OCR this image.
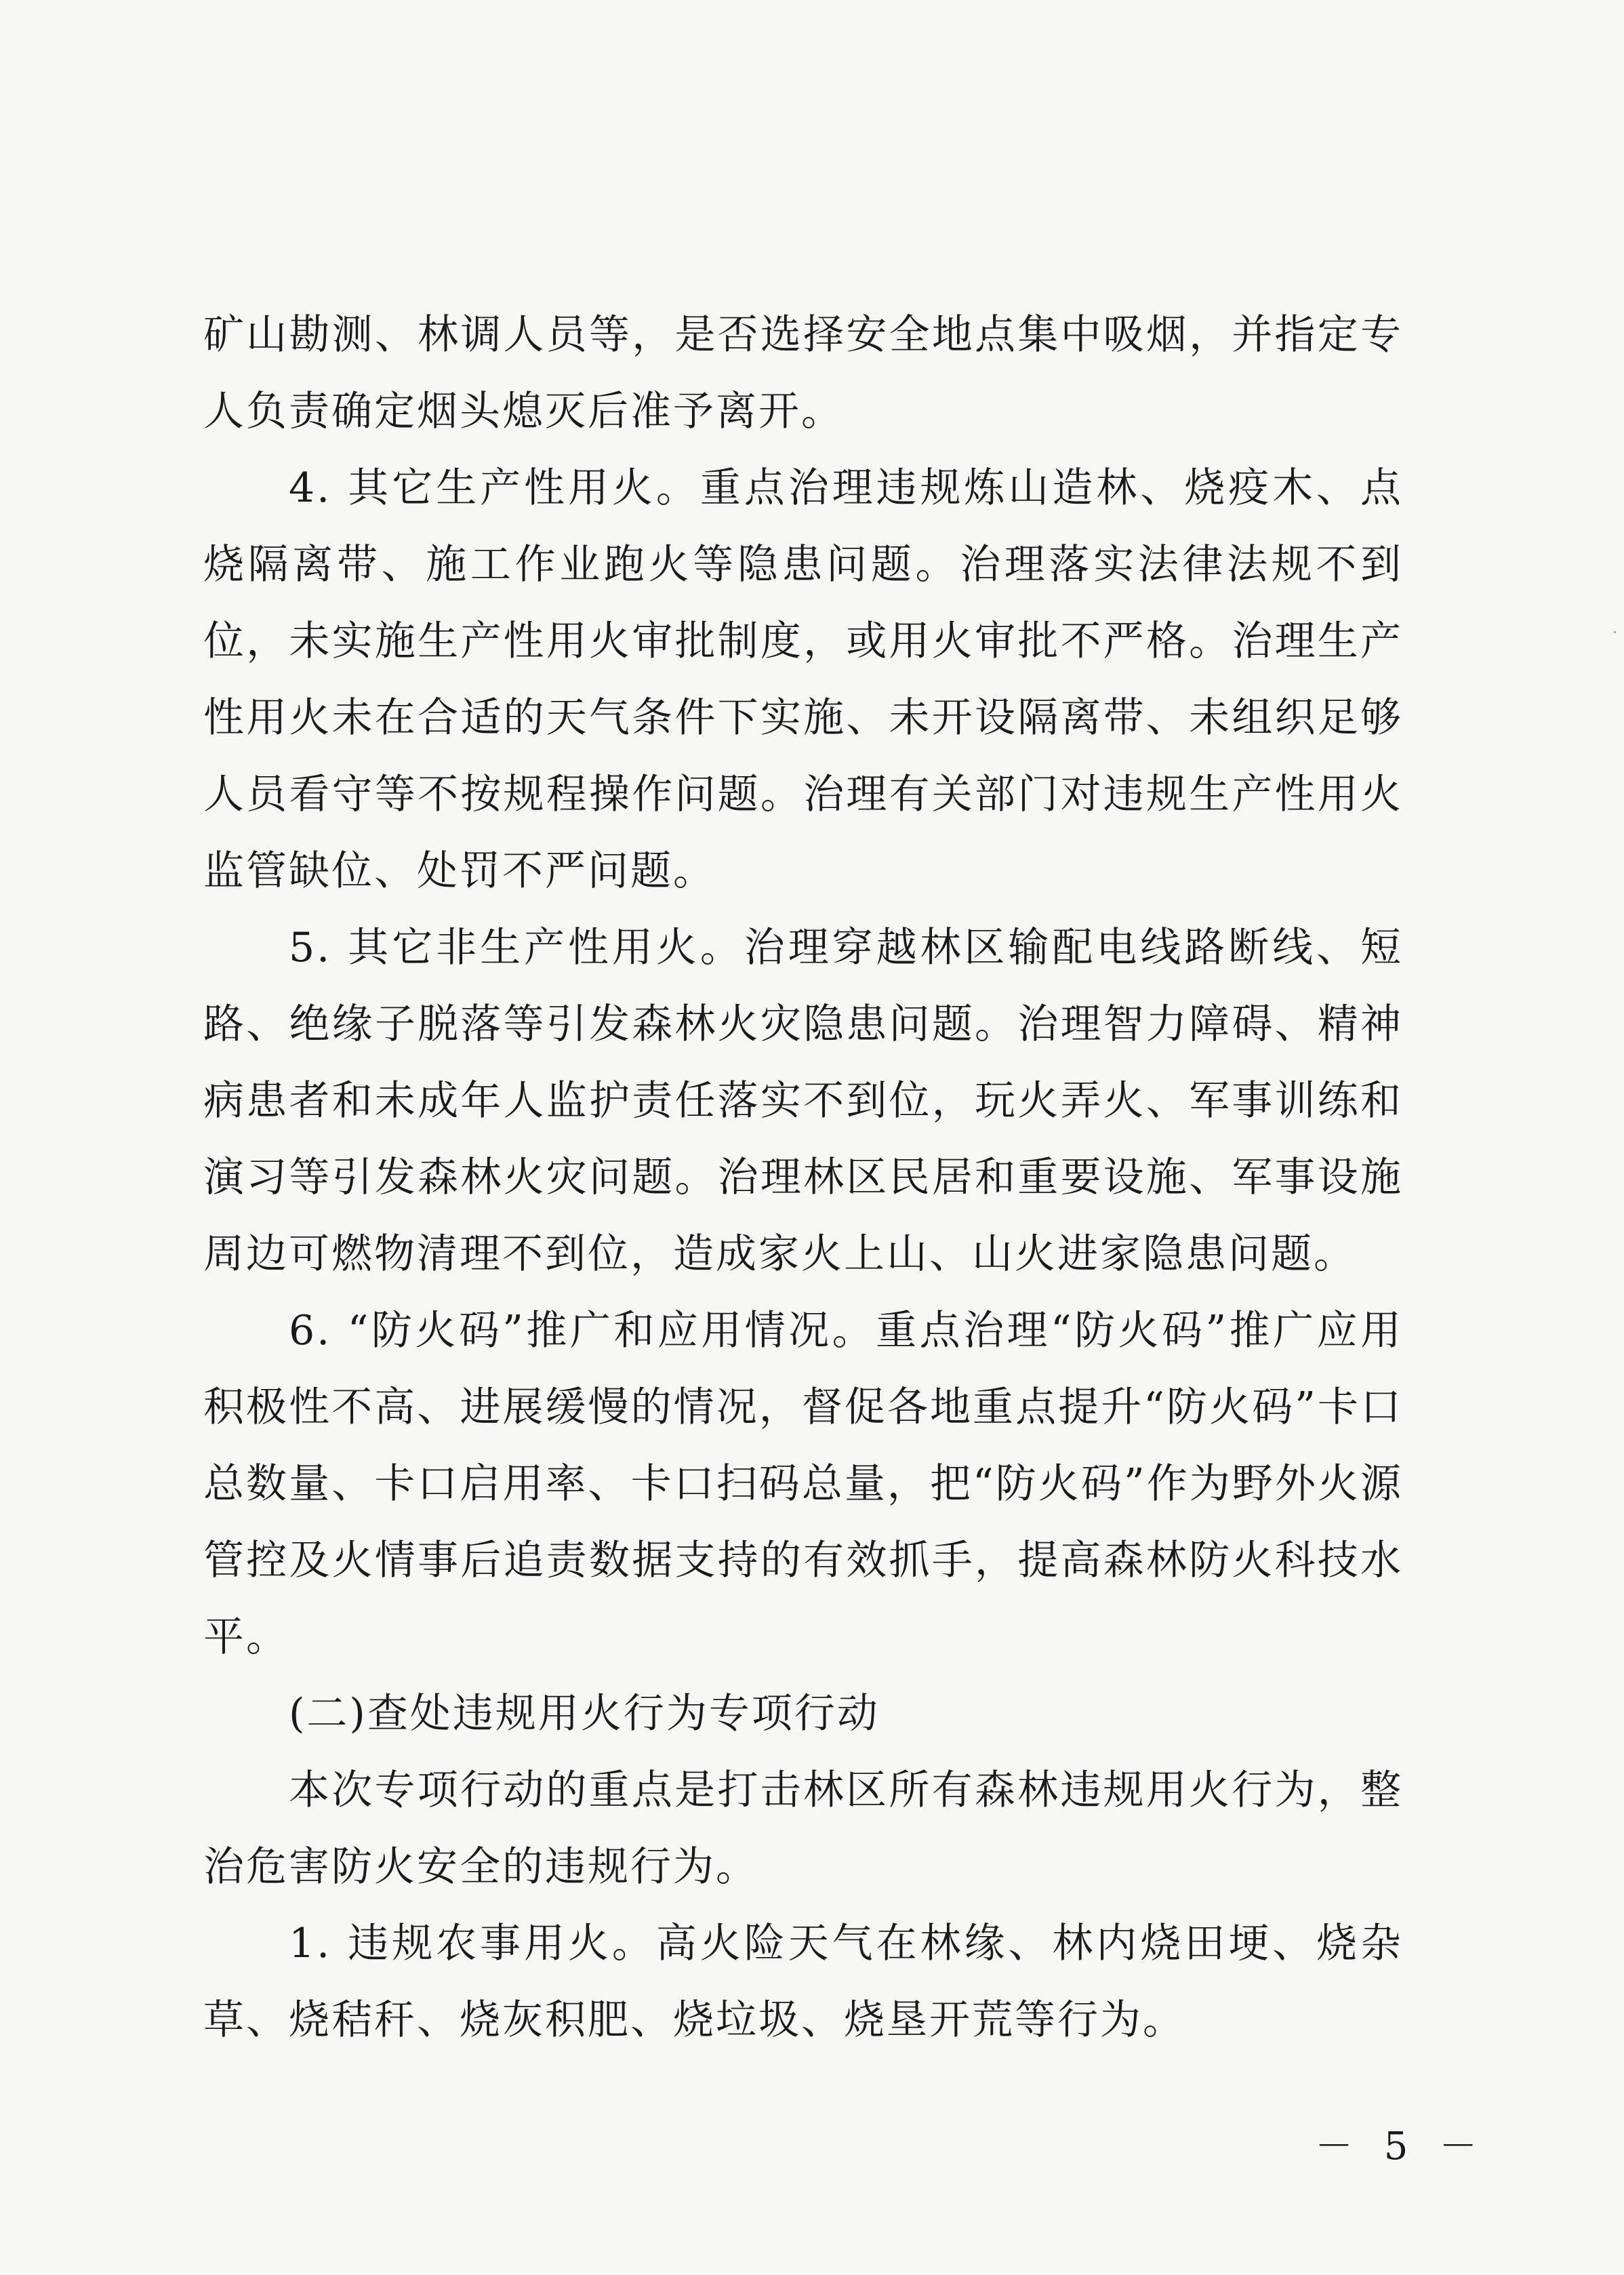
矿山勘测、林调人员等，是否选择安全地点集中吸烟，并指定专人负责确定烟头熄灭后准予离开。

4. 其它生产性用火。重点治理违规炼山造林、烧疫木、点烧隔离带、施工作业跑火等隐患问题。治理落实法律法规不到位，未实施生产性用火审批制度，或用火审批不严格。治理生产性用火未在合适的天气条件下实施、未开设隔离带、未组织足够人员看守等不按规程操作问题。治理有关部门对违规生产性用火监管缺位、处罚不严问题。

5. 其它非生产性用火。治理穿越林区输配电线路断线、短路、绝缘子脱落等引发森林火灾隐患问题。治理智力障碍、精神病患者和未成年人监护责任落实不到位，玩火弄火、军事训练和演习等引发森林火灾问题。治理林区民居和重要设施、军事设施周边可燃物清理不到位，造成家火上山、山火进家隐患问题。

6. “防火码”推广和应用情况。重点治理“防火码”推广应用积极性不高、进展缓慢的情况，督促各地重点提升“防火码”卡口总数量、卡口启用率、卡口扫码总量，把“防火码”作为野外火源管控及火情事后追责数据支持的有效抓手，提高森林防火科技水平。

(二)查处违规用火行为专项行动

本次专项行动的重点是打击林区所有森林违规用火行为，整治危害防火安全的违规行为。

1. 违规农事用火。高火险天气在林缘、林内烧田埂、烧杂草、烧秸秆、烧灰积肥、烧垃圾、烧垦开荒等行为。

－ 5 －
